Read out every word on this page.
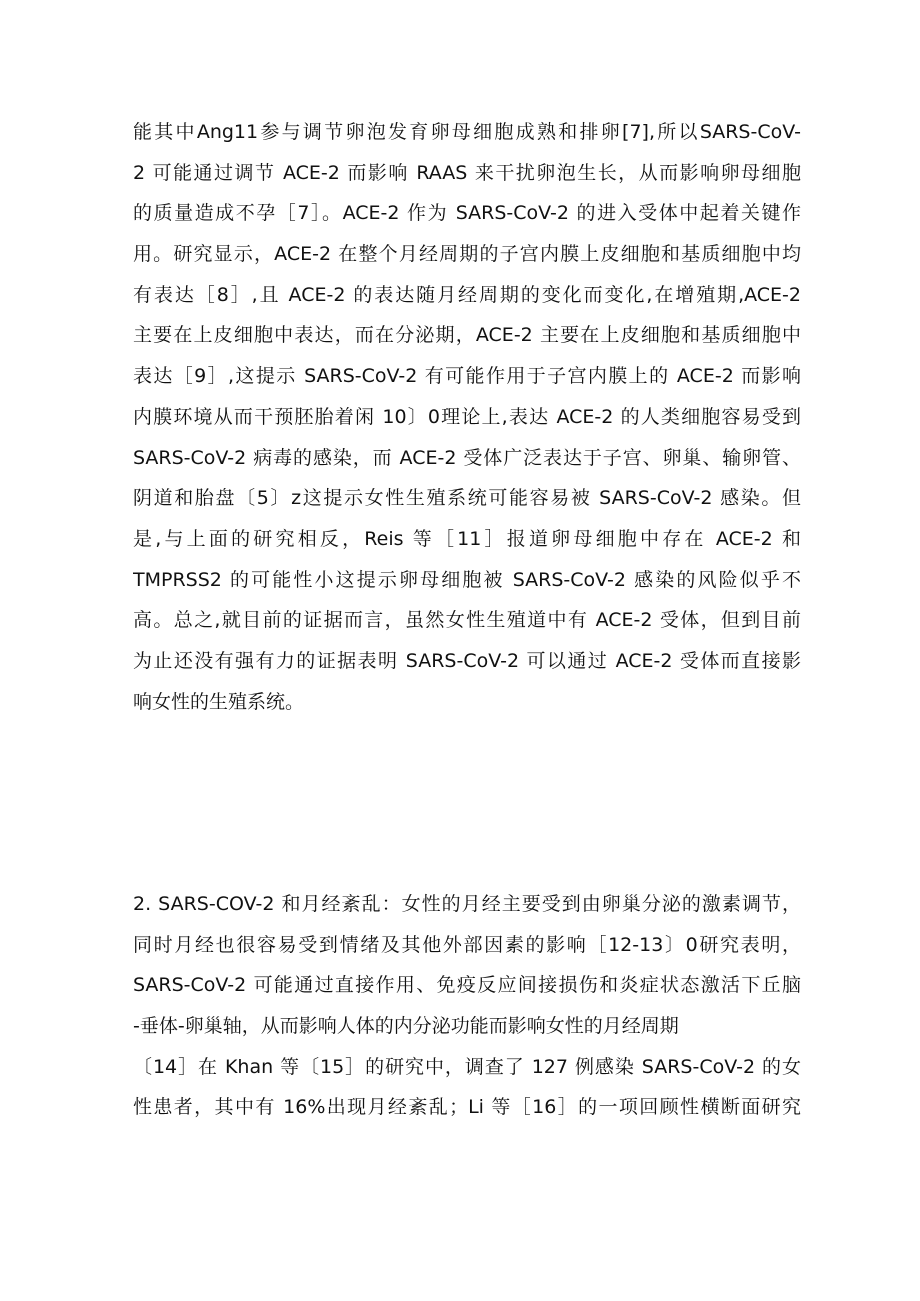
能其中Ang11参与调节卵泡发育卵母细胞成熟和排卵[7],所以SARS-CoV-
2 可能通过调节 ACE-2 而影响 RAAS 来干扰卵泡生长，从而影响卵母细胞
的质量造成不孕［7］。ACE-2 作为 SARS-CoV-2 的进入受体中起着关键作
用。研究显示，ACE-2 在整个月经周期的子宫内膜上皮细胞和基质细胞中均
有表达［8］,且 ACE-2 的表达随月经周期的变化而变化,在增殖期,ACE-2
主要在上皮细胞中表达，而在分泌期，ACE-2 主要在上皮细胞和基质细胞中
表达［9］,这提示 SARS-CoV-2 有可能作用于子宫内膜上的 ACE-2 而影响
内膜环境从而干预胚胎着闲 10〕0理论上,表达 ACE-2 的人类细胞容易受到
SARS-CoV-2 病毒的感染，而 ACE-2 受体广泛表达于子宫、卵巢、输卵管、
阴道和胎盘〔5〕z这提示女性生殖系统可能容易被 SARS-CoV-2 感染。但
是,与上面的研究相反，Reis 等［11］报道卵母细胞中存在 ACE-2 和
TMPRSS2 的可能性小这提示卵母细胞被 SARS-CoV-2 感染的风险似乎不
高。总之,就目前的证据而言，虽然女性生殖道中有 ACE-2 受体，但到目前
为止还没有强有力的证据表明 SARS-CoV-2 可以通过 ACE-2 受体而直接影
响女性的生殖系统。
2. SARS-COV-2 和月经紊乱：女性的月经主要受到由卵巢分泌的激素调节，
同时月经也很容易受到情绪及其他外部因素的影响［12-13〕0研究表明，
SARS-CoV-2 可能通过直接作用、免疫反应间接损伤和炎症状态激活下丘脑
-垂体-卵巢轴，从而影响人体的内分泌功能而影响女性的月经周期
〔14］在 Khan 等〔15］的研究中，调查了 127 例感染 SARS-CoV-2 的女
性患者，其中有 16%出现月经紊乱；Li 等［16］的一项回顾性横断面研究
